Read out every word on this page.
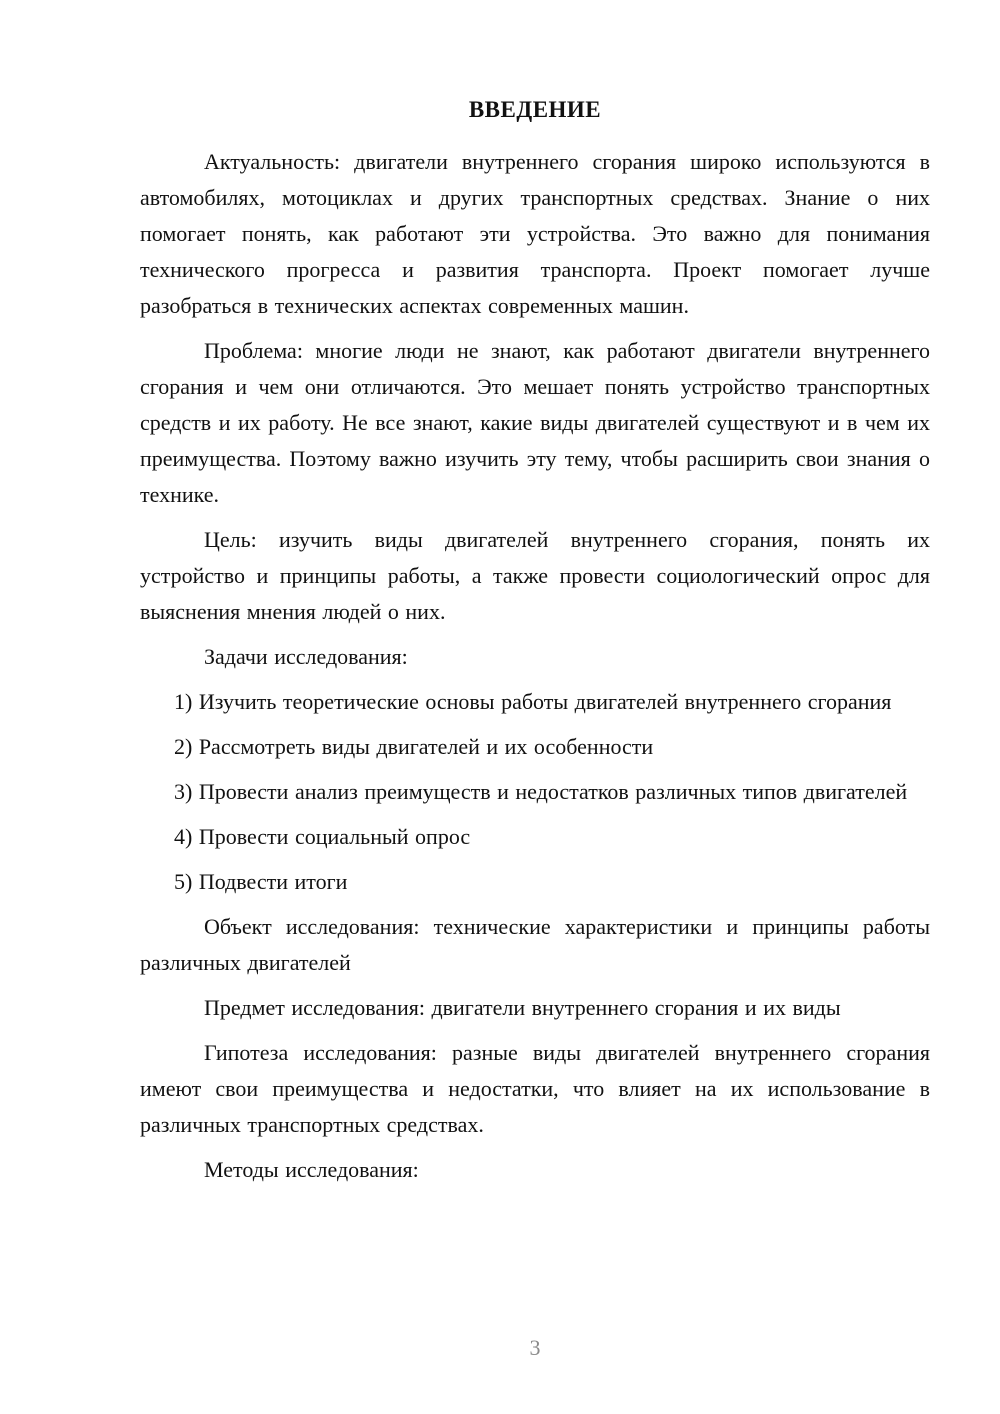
ВВЕДЕНИЕ

Актуальность: двигатели внутреннего сгорания широко используются в автомобилях, мотоциклах и других транспортных средствах. Знание о них помогает понять, как работают эти устройства. Это важно для понимания технического прогресса и развития транспорта. Проект помогает лучше разобраться в технических аспектах современных машин.

Проблема: многие люди не знают, как работают двигатели внутреннего сгорания и чем они отличаются. Это мешает понять устройство транспортных средств и их работу. Не все знают, какие виды двигателей существуют и в чем их преимущества. Поэтому важно изучить эту тему, чтобы расширить свои знания о технике.

Цель: изучить виды двигателей внутреннего сгорания, понять их устройство и принципы работы, а также провести социологический опрос для выяснения мнения людей о них.

Задачи исследования:

1) Изучить теоретические основы работы двигателей внутреннего сгорания

2) Рассмотреть виды двигателей и их особенности

3) Провести анализ преимуществ и недостатков различных типов двигателей

4) Провести социальный опрос

5) Подвести итоги

Объект исследования: технические характеристики и принципы работы различных двигателей

Предмет исследования: двигатели внутреннего сгорания и их виды

Гипотеза исследования: разные виды двигателей внутреннего сгорания имеют свои преимущества и недостатки, что влияет на их использование в различных транспортных средствах.

Методы исследования:

3
